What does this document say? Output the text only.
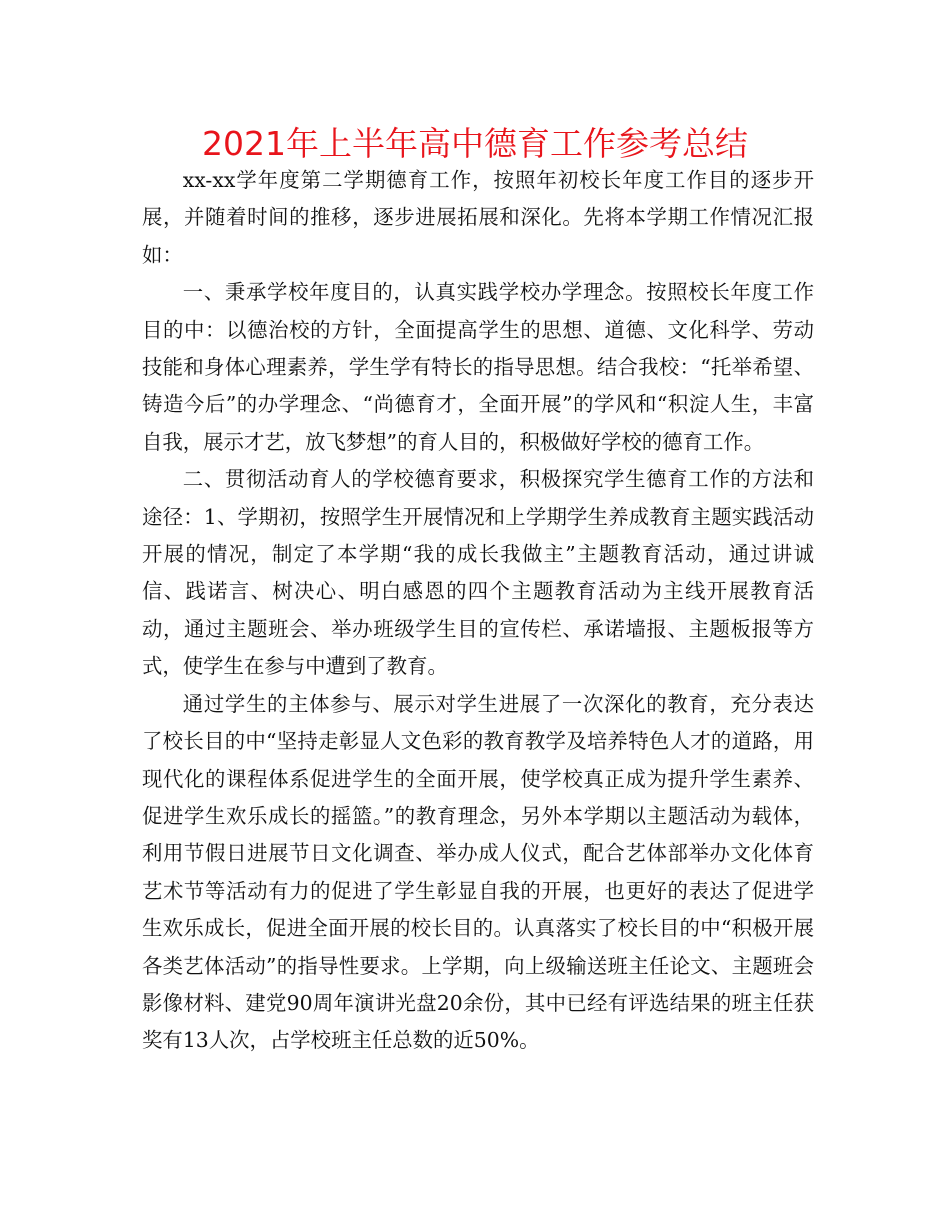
2021年上半年高中德育工作参考总结

xx-xx学年度第二学期德育工作，按照年初校长年度工作目的逐步开展，并随着时间的推移，逐步进展拓展和深化。先将本学期工作情况汇报如：

一、秉承学校年度目的，认真实践学校办学理念。按照校长年度工作目的中：以德治校的方针，全面提高学生的思想、道德、文化科学、劳动技能和身体心理素养，学生学有特长的指导思想。结合我校：“托举希望、铸造今后”的办学理念、“尚德育才，全面开展”的学风和“积淀人生，丰富自我，展示才艺，放飞梦想”的育人目的，积极做好学校的德育工作。

二、贯彻活动育人的学校德育要求，积极探究学生德育工作的方法和途径：1、学期初，按照学生开展情况和上学期学生养成教育主题实践活动开展的情况，制定了本学期“我的成长我做主”主题教育活动，通过讲诚信、践诺言、树决心、明白感恩的四个主题教育活动为主线开展教育活动，通过主题班会、举办班级学生目的宣传栏、承诺墙报、主题板报等方式，使学生在参与中遭到了教育。

通过学生的主体参与、展示对学生进展了一次深化的教育，充分表达了校长目的中“坚持走彰显人文色彩的教育教学及培养特色人才的道路，用现代化的课程体系促进学生的全面开展，使学校真正成为提升学生素养、促进学生欢乐成长的摇篮。”的教育理念，另外本学期以主题活动为载体，利用节假日进展节日文化调查、举办成人仪式，配合艺体部举办文化体育艺术节等活动有力的促进了学生彰显自我的开展，也更好的表达了促进学生欢乐成长，促进全面开展的校长目的。认真落实了校长目的中“积极开展各类艺体活动”的指导性要求。上学期，向上级输送班主任论文、主题班会影像材料、建党90周年演讲光盘20余份，其中已经有评选结果的班主任获奖有13人次，占学校班主任总数的近50%。
